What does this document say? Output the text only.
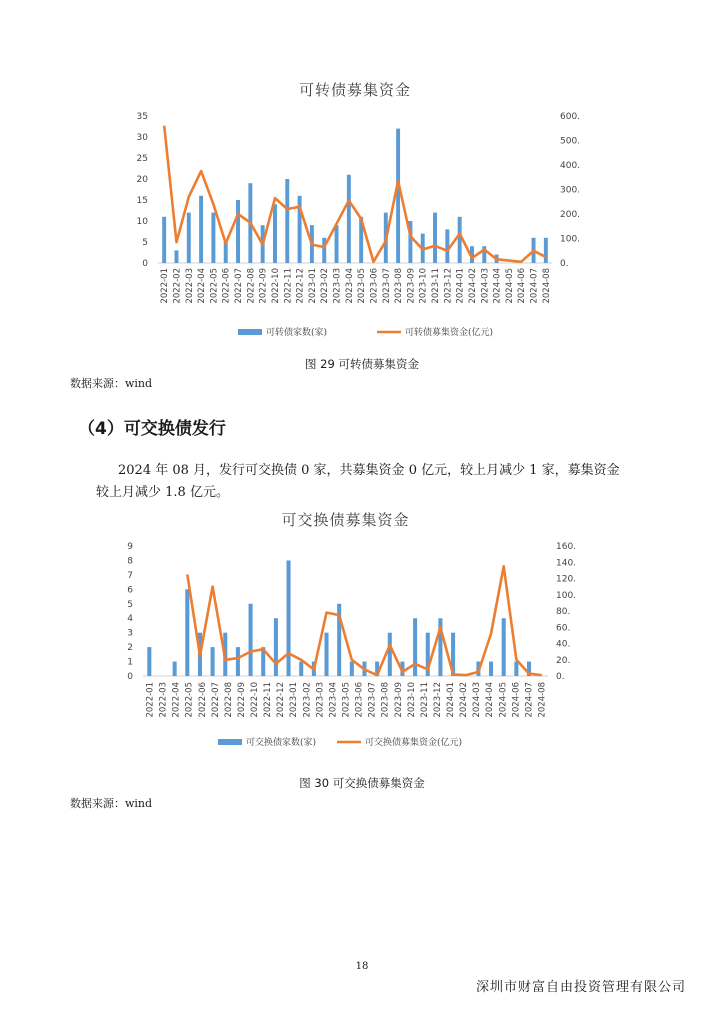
可转债募集资金
0
5
10
15
20
25
30
35
0.
100.
200.
300.
400.
500.
600.
2022-01 2022-02 2022-03 2022-04 2022-05 2022-06 2022-07 2022-08 2022-09 2022-10 2022-11 2022-12 2023-01 2023-02 2023-03 2023-04 2023-05 2023-06 2023-07 2023-08 2023-09 2023-10 2023-11 2023-12 2024-01 2024-02 2024-03 2024-04 2024-05 2024-06 2024-07 2024-08
可转债家数(家)	可转债募集资金(亿元)
图 29 可转债募集资金
数据来源：wind
（4）可交换债发行
2024 年 08 月，发行可交换债 0 家，共募集资金 0 亿元，较上月减少 1 家，募集资金
较上月减少 1.8 亿元。
可交换债募集资金
0
1
2
3
4
5
6
7
8
9
0.
20.
40.
60.
80.
100.
120.
140.
160.
2022-01 2022-03 2022-04 2022-05 2022-06 2022-07 2022-08 2022-09 2022-10 2022-11 2022-12 2023-01 2023-02 2023-03 2023-04 2023-05 2023-06 2023-07 2023-08 2023-09 2023-10 2023-11 2023-12 2024-01 2024-02 2024-03 2024-04 2024-05 2024-06 2024-07 2024-08
可交换债家数(家)	可交换债募集资金(亿元)
图 30 可交换债募集资金
数据来源：wind
18
深圳市财富自由投资管理有限公司
